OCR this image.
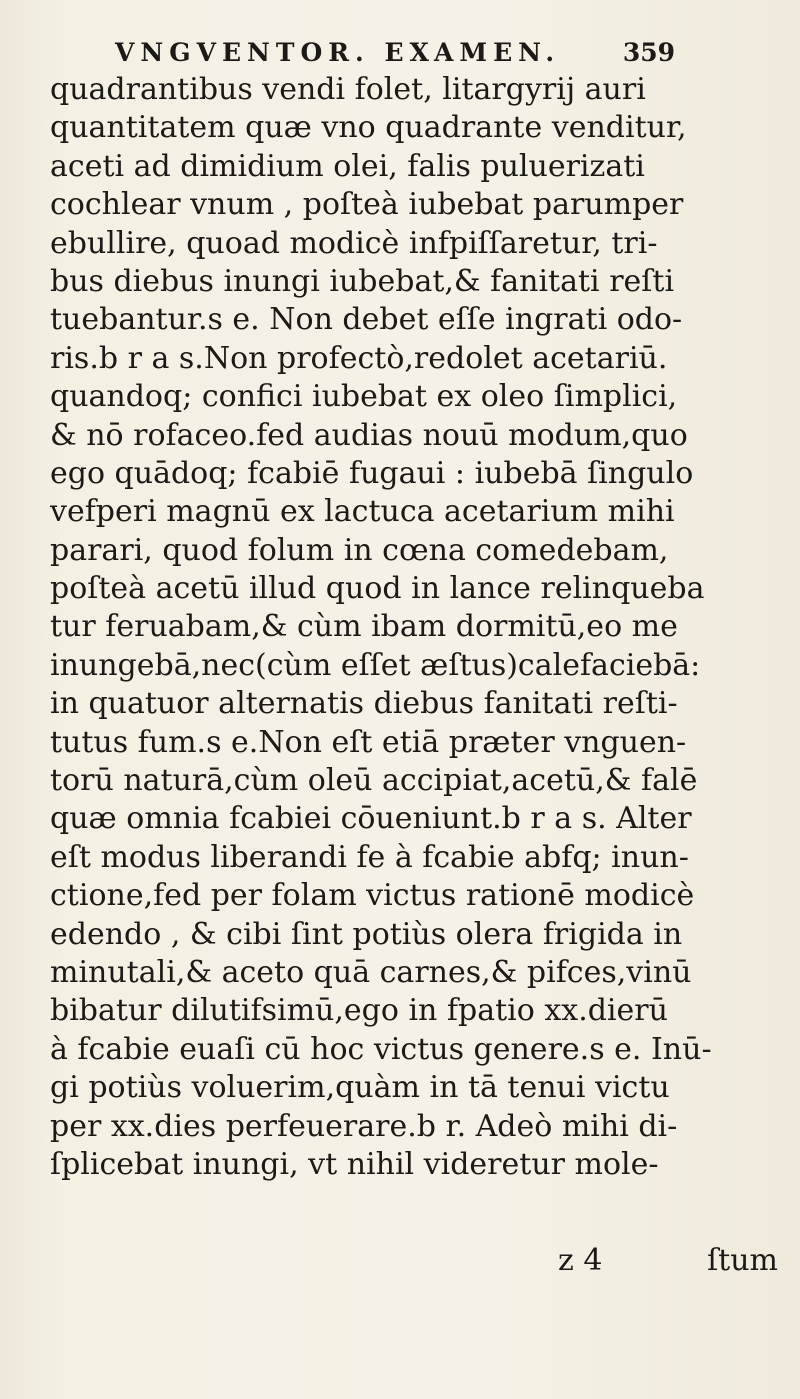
VNGVENTOR. EXAMEN.	359
quadrantibus vendi folet, litargyrij auri
quantitatem quæ vno quadrante venditur,
aceti ad dimidium olei, falis pulueri‍zati
cochlear vnum , poſteà iubebat parumper
ebullire, quoad modicè infpiſſaretur, tri-
bus diebus inungi iubebat,& fanitati reſti
tuebantur.s e. Non debet eſſe ingrati odo-
ris.b r a s.Non profectò,redolet acetariū.
quandoq; confici iubebat ex oleo ſimplici,
& nō rofaceo.fed audias nouū modum,quo
ego quādoq; fcabiē fugaui : iubebā ſingulo
vefperi magnū ex lactuca acetarium mihi
parari, quod folum in cœna comedebam,
poſteà acetū illud quod in lance relinqueba
tur feruabam,& cùm ibam dormitū,eo me
inungebā,nec(cùm eſſet æſtus)calefaciebā:
in quatuor alternatis diebus fanitati reſti-
tutus fum.s e.Non eſt etiā præter vnguen-
torū naturā,cùm oleū accipiat,acetū,& falē
quæ omnia fcabiei cōueniunt.b r a s. Alter
eſt modus liberandi fe à fcabie abfq; inun-
ctione,fed per folam victus rationē modicè
edendo , & cibi ſint potiùs olera frigida in
minutali,& aceto quā carnes,& pifces,vinū
bibatur dilutifsimū,ego in fpatio xx.dierū
à fcabie euaſi cū hoc victus genere.s e. Inū-
gi potiùs voluerim,quàm in tā tenui victu
per xx.dies perfeuerare.b r. Adeò mihi di-
ſplicebat inungi, vt nihil videretur mole-
z 4	ſtum
